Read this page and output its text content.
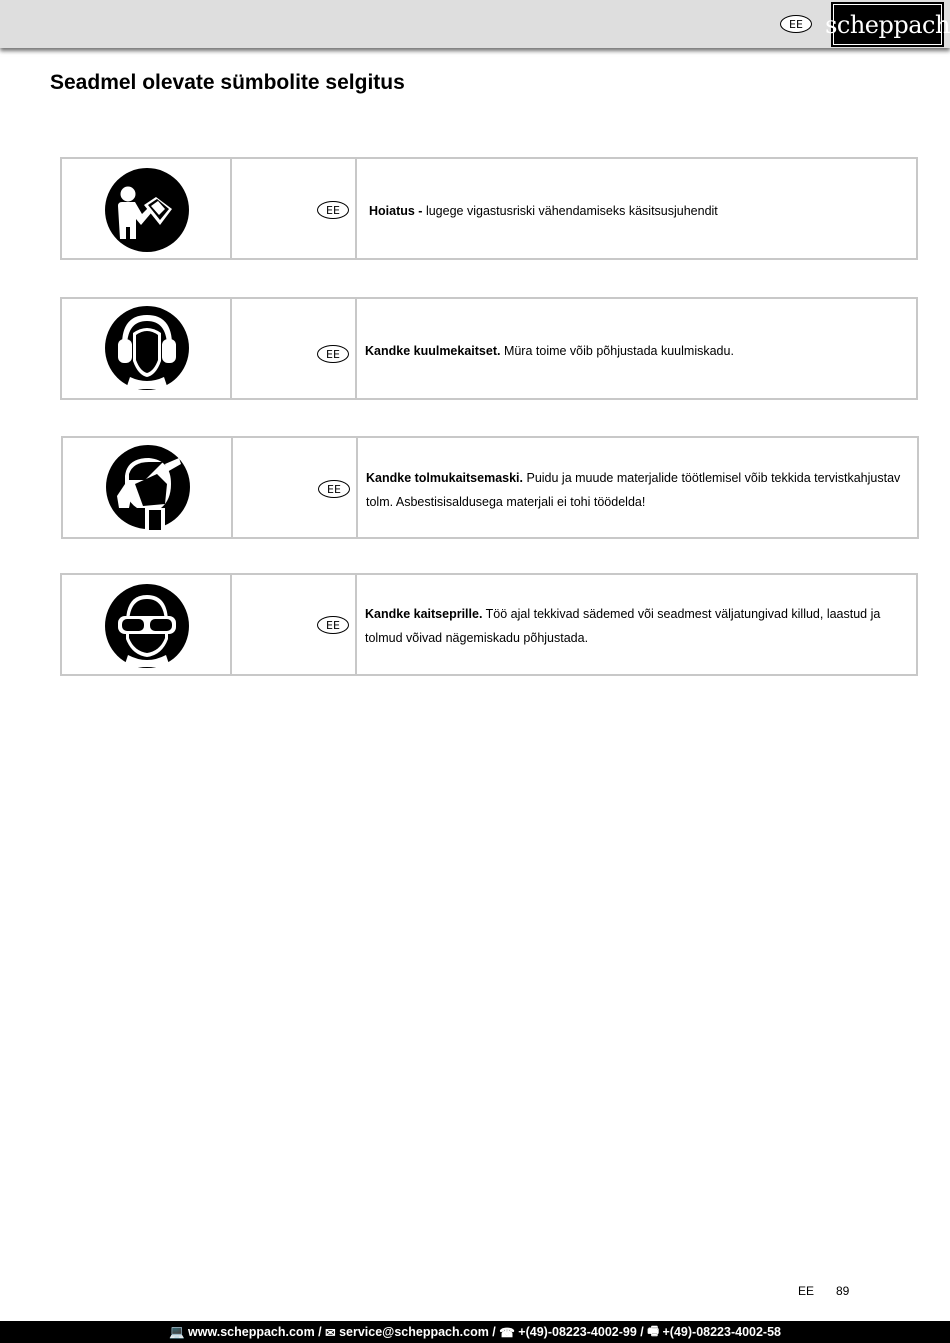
EE scheppach
Seadmel olevate sümbolite selgitus
EE	Hoiatus - lugege vigastusriski vähendamiseks käsitsusjuhendit
EE	Kandke kuulmekaitset. Müra toime võib põhjustada kuulmiskadu.
EE
Kandke tolmukaitsemaski. Puidu ja muude materjalide töötlemisel võib tekkida tervistkahjustav tolm. Asbestisisaldusega materjali ei tohi töödelda!
EE
Kandke kaitseprille. Töö ajal tekkivad sädemed või seadmest väljatungivad killud, laastud ja tolmud võivad nägemiskadu põhjustada.
EE 89
💻 www.scheppach.com / ✉ service@scheppach.com / ☎ +(49)-08223-4002-99 / 🖷 +(49)-08223-4002-58
